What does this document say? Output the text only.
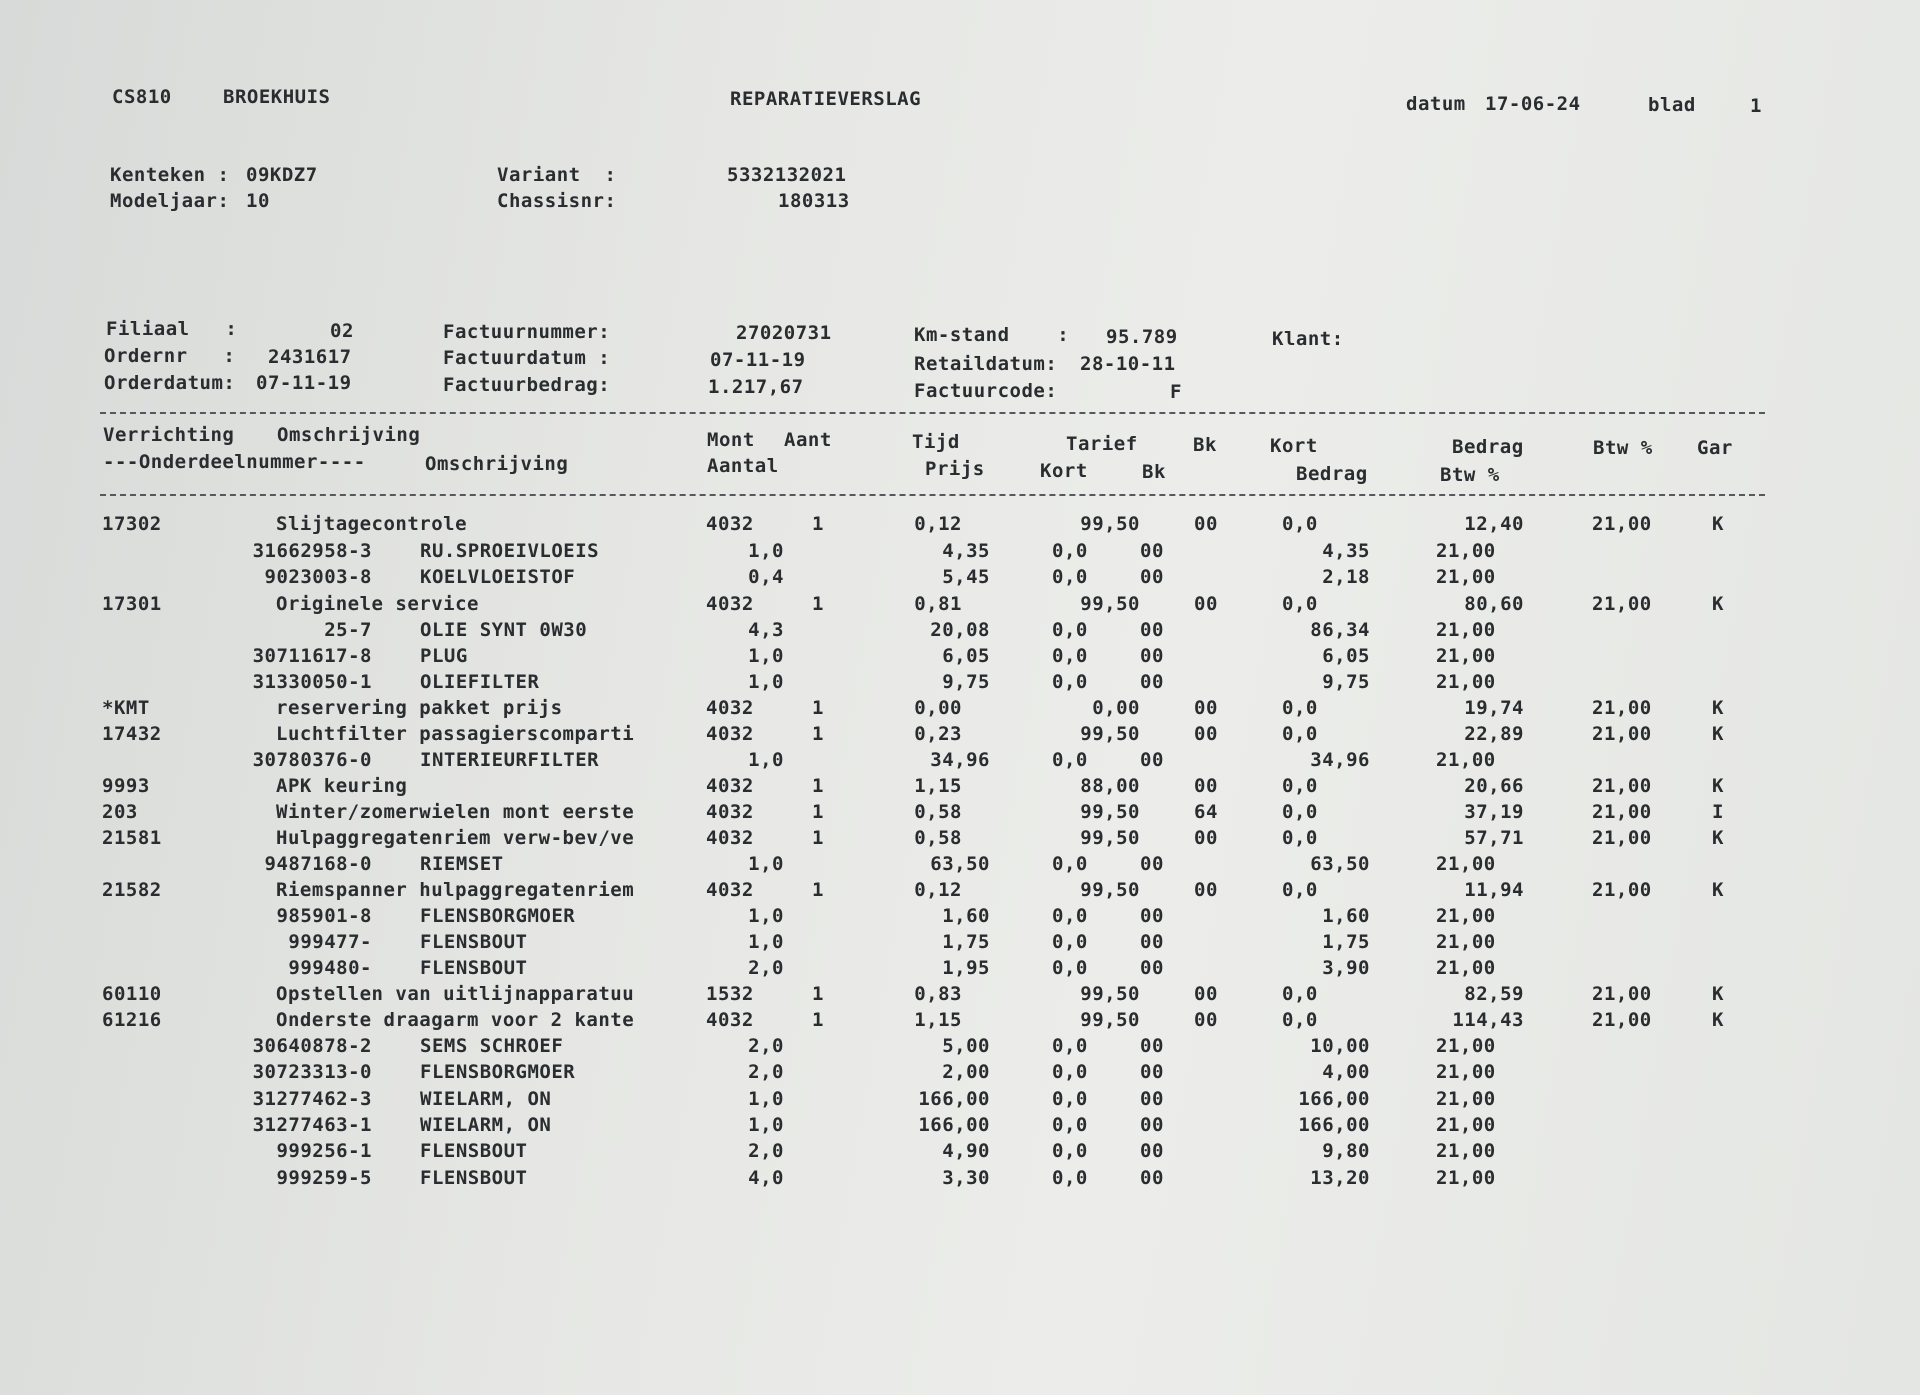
CS810	BROEKHUIS	REPARATIEVERSLAG	datum 17-06-24	blad	1
Kenteken : 09KDZ7
Modeljaar: 10
Variant  :	5332132021
Chassisnr:	180313
Filiaal   :	02
Ordernr   : 2431617
Orderdatum: 07-11-19
Factuurnummer:	27020731
Factuurdatum :	07-11-19
Factuurbedrag:	1.217,67
Km-stand    : 95.789
Retaildatum: 28-10-11
Factuurcode:	F
Klant:
Verrichting Omschrijving	Mont Aant	Tijd	Tarief	Bk	Kort	Bedrag	Btw % Gar
---Onderdeelnummer----	Omschrijving	Aantal	Prijs	Kort	Bk	Bedrag	Btw %
17302	Slijtagecontrole	4032	1	0,12	99,50	00	0,0	12,40	21,00	K
31662958-3	RU.SPROEIVLOEIS	1,0	4,35	0,0	00	4,35	21,00
9023003-8	KOELVLOEISTOF	0,4	5,45	0,0	00	2,18	21,00
17301	Originele service	4032	1	0,81	99,50	00	0,0	80,60	21,00	K
25-7	OLIE SYNT 0W30	4,3	20,08	0,0	00	86,34	21,00
30711617-8	PLUG	1,0	6,05	0,0	00	6,05	21,00
31330050-1	OLIEFILTER	1,0	9,75	0,0	00	9,75	21,00
*KMT	reservering pakket prijs	4032	1	0,00	0,00	00	0,0	19,74	21,00	K
17432	Luchtfilter passagierscomparti	4032	1	0,23	99,50	00	0,0	22,89	21,00	K
30780376-0	INTERIEURFILTER	1,0	34,96	0,0	00	34,96	21,00
9993	APK keuring	4032	1	1,15	88,00	00	0,0	20,66	21,00	K
203	Winter/zomerwielen mont eerste	4032	1	0,58	99,50	64	0,0	37,19	21,00	I
21581	Hulpaggregatenriem verw-bev/ve	4032	1	0,58	99,50	00	0,0	57,71	21,00	K
9487168-0	RIEMSET	1,0	63,50	0,0	00	63,50	21,00
21582	Riemspanner hulpaggregatenriem	4032	1	0,12	99,50	00	0,0	11,94	21,00	K
985901-8	FLENSBORGMOER	1,0	1,60	0,0	00	1,60	21,00
999477-	FLENSBOUT	1,0	1,75	0,0	00	1,75	21,00
999480-	FLENSBOUT	2,0	1,95	0,0	00	3,90	21,00
60110	Opstellen van uitlijnapparatuu	1532	1	0,83	99,50	00	0,0	82,59	21,00	K
61216	Onderste draagarm voor 2 kante	4032	1	1,15	99,50	00	0,0	114,43	21,00	K
30640878-2	SEMS SCHROEF	2,0	5,00	0,0	00	10,00	21,00
30723313-0	FLENSBORGMOER	2,0	2,00	0,0	00	4,00	21,00
31277462-3	WIELARM, ON	1,0	166,00	0,0	00	166,00	21,00
31277463-1	WIELARM, ON	1,0	166,00	0,0	00	166,00	21,00
999256-1	FLENSBOUT	2,0	4,90	0,0	00	9,80	21,00
999259-5	FLENSBOUT	4,0	3,30	0,0	00	13,20	21,00
